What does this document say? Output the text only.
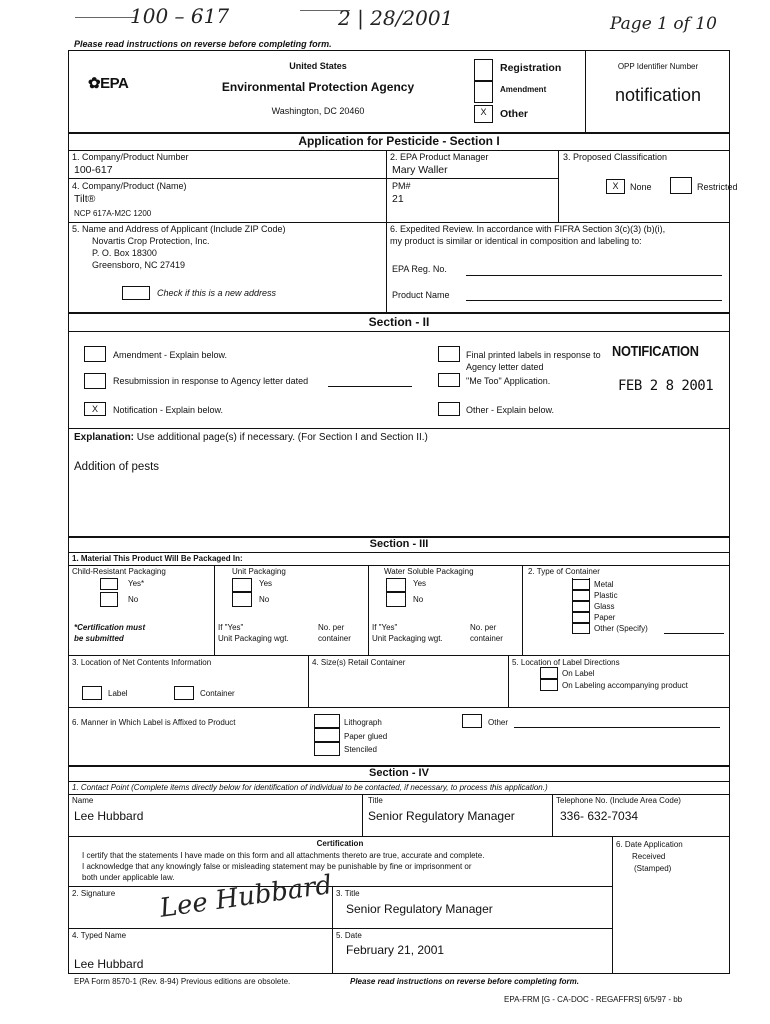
100 – 617	2 | 28/2001	Page 1 of 10
Please read instructions on reverse before completing form.
✿EPA
United States
Environmental Protection Agency
Washington, DC 20460
Registration
Amendment
X	Other
OPP Identifier Number
notification
Application for Pesticide - Section I
1. Company/Product Number
100-617
2. EPA Product Manager
Mary Waller
3. Proposed Classification
X	None	Restricted
4. Company/Product (Name)
Tilt®
NCP 617A-M2C 1200
PM#
21
5. Name and Address of Applicant (Include ZIP Code)
Novartis Crop Protection, Inc.
P. O. Box 18300
Greensboro, NC 27419
Check if this is a new address
6. Expedited Review. In accordance with FIFRA Section 3(c)(3) (b)(i),
my product is similar or identical in composition and labeling to:
EPA Reg. No.
Product Name
Section - II
Amendment - Explain below.
Resubmission in response to Agency letter dated
X	Notification - Explain below.
Final printed labels in response to
Agency letter dated
"Me Too" Application.
Other - Explain below.
NOTIFICATION
FEB 2 8 2001
Explanation: Use additional page(s) if necessary. (For Section I and Section II.)
Addition of pests
Section - III
1. Material This Product Will Be Packaged In:
Child-Resistant Packaging
Yes*
No
*Certification must
be submitted
Unit Packaging
Yes
No
If "Yes"
Unit Packaging wgt.
No. per
container
Water Soluble Packaging
Yes
No
If "Yes"
Unit Packaging wgt.
No. per
container
2. Type of Container
Metal
Plastic
Glass
Paper
Other (Specify)
3. Location of Net Contents Information
Label	Container
4. Size(s) Retail Container	5. Location of Label Directions
On Label
On Labeling accompanying product
6. Manner in Which Label is Affixed to Product	Lithograph
Paper glued
Stenciled
Other
Section - IV
1. Contact Point (Complete items directly below for identification of individual to be contacted, if necessary, to process this application.)
Name
Lee Hubbard
Title
Senior Regulatory Manager
Telephone No. (Include Area Code)
336- 632-7034
Certification
I certify that the statements I have made on this form and all attachments thereto are true, accurate and complete.
I acknowledge that any knowingly false or misleading statement may be punishable by fine or imprisonment or
both under applicable law.
6. Date Application
Received
(Stamped)
2. Signature Lee Hubbard 3. Title
Senior Regulatory Manager
4. Typed Name
Lee Hubbard
5. Date
February 21, 2001
EPA Form 8570-1 (Rev. 8-94) Previous editions are obsolete.	Please read instructions on reverse before completing form.
EPA-FRM [G - CA-DOC - REGAFFRS] 6/5/97 - bb
